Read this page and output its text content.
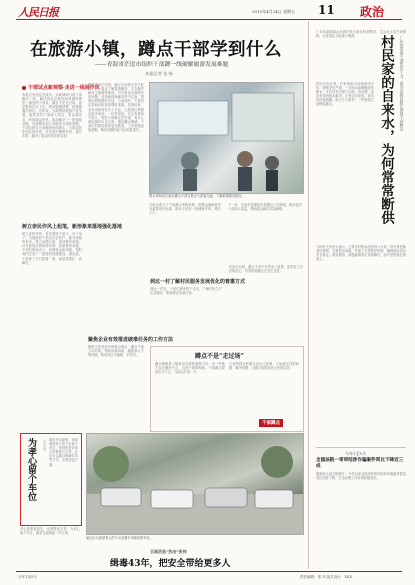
人民日报	2015年4月24日 星期五 11 政治
在旅游小镇，蹲点干部学到什么
——青海省茫崖市组织干部蹲一线破解旅游发展难题
本报记者 张 杨
干部试点新观察·走进一线展作风
本报记者前往茫崖市，实地调研当地干部蹲点一线、解决群众急难愁盼问题的做法。镇里的干部说，蹲点不是走过场，而是要真正沉下去，把问题摸清楚、把措施落实到位。近年来，当地围绕旅游产业发展，组织党员干部深入村社、景区和企业，听取群众意见，推动解决了一批基础设施、环境整治和公共服务方面的难题。干部们把办公桌搬到田间地头，与群众同吃同住同劳动，在实践中锤炼作风、提升本领，赢得了群众的信任和支持。
树立亲民作风上起笔，新形象来落地强化落地
树立亲民作风，首先要放下架子、扑下身子。当地组织干部走访农牧户，面对面倾听诉求，建立问题台账，逐项销号管理。针对游客反映的停车难、如厕难等问题，干部们现场办公，协调资金和用地，短时间内完成了一批便民设施建设。群众说，干部来了不只是看一看，而是真帮忙、真解决。
镇党委书记介绍，蹲点干部每月至少驻村十天，重点了解旅游服务、生态保护和民生保障等情况。对于群众反映集中的问题，坚持能现场解决的不过夜、需要协调的限时办结。与此同时，干部们还帮助村民拓宽增收渠道，发展民宿、农家乐和特色手工艺品，让旅游红利惠及更多家庭。一位村民说，过去有事找不到人，现在干部就住在村里，有什么难处随时可以反映。通过蹲点调研，干部们对基层情况更加熟悉，工作思路更加清晰，解决问题的能力也明显提升。
图为青海省茫崖市蹲点干部在景区与游客交流，了解旅游服务情况。
当地还建立了干部蹲点考核机制，把群众满意度作为重要评价标准，推动干部在一线锤炼作风、增长才干。
下一步，茫崖市将继续完善蹲点工作制度，推动更多干部深入基层，帮助群众解决实际困难。
聚焦企业有效推进破难任务的工作方法
聚焦企业发展中的难点堵点，蹲点干部主动对接，帮助协调用地、融资和人才等问题，推动项目早落地、早见效。
到达一村了解村民服务发展优化的普惠方式
到达一村后，干部们挨家挨户走访，了解村民生产生活情况，帮助制定发展计划。
村民们反映，蹲点干部不仅带来了政策，更带来了办法和信心，村里的面貌正在发生变化。
蹲点不是“走过场”
蹲点调研是了解基层实情的重要方法，但一些地方存在蹲而不点、点而不深的现象。干部蹲点要真正沉下去，与群众打成一片。
只有把群众的事当成自己的事，才能真正找准问题、解决问题，让蹲点成果转化为发展实效。
干部蹲点
为孝心留个车位	今日谈 城市车位紧张，但给看望老人的子女留个车位，体现的是对孝心的尊重与支持。社区可以通过错峰共享等方式，让探望更方便。
某社区为探望老人的子女设置专用临时停车位。
云南贡县“抗击”张伟
缉毒43年，把安全带给更多人
孝心需要被看见，也需要被支持。为孝心留个车位，就是为温情留一份空间。
广东省某地群众反映村里自来水时常断供，生活用水得不到保障，记者前往当地进行调查。	村民家的自来水，为何常常断供	广东省某地干部帮扶不力，群众反映问题长期得不到解决
村民告诉记者，村里的供水设施建成多年，管网老化严重，一到用水高峰就经常断水。多次向有关部门反映，但问题一直没有得到根本解决。记者走访发现，供水站设备简陋，缺乏专人维护，一些管道已经锈蚀漏水。
当地有关负责人表示，已将农村供水改造列入计划，将尽快更换老旧管网，完善供水设施，并建立长效管护机制，确保群众用水安全稳定。群众期待，问题能够真正得到解决，而不是停留在纸面上。
今年1至5月
全国法院一审审结涉诈骗案件同比下降近三成
据最高人民法院统计，今年以来全国法院审结的涉诈骗案件数量同比明显下降，打击治理工作取得积极成效。
今年1至5月	责任编辑：张 X 版式设计：XXX
